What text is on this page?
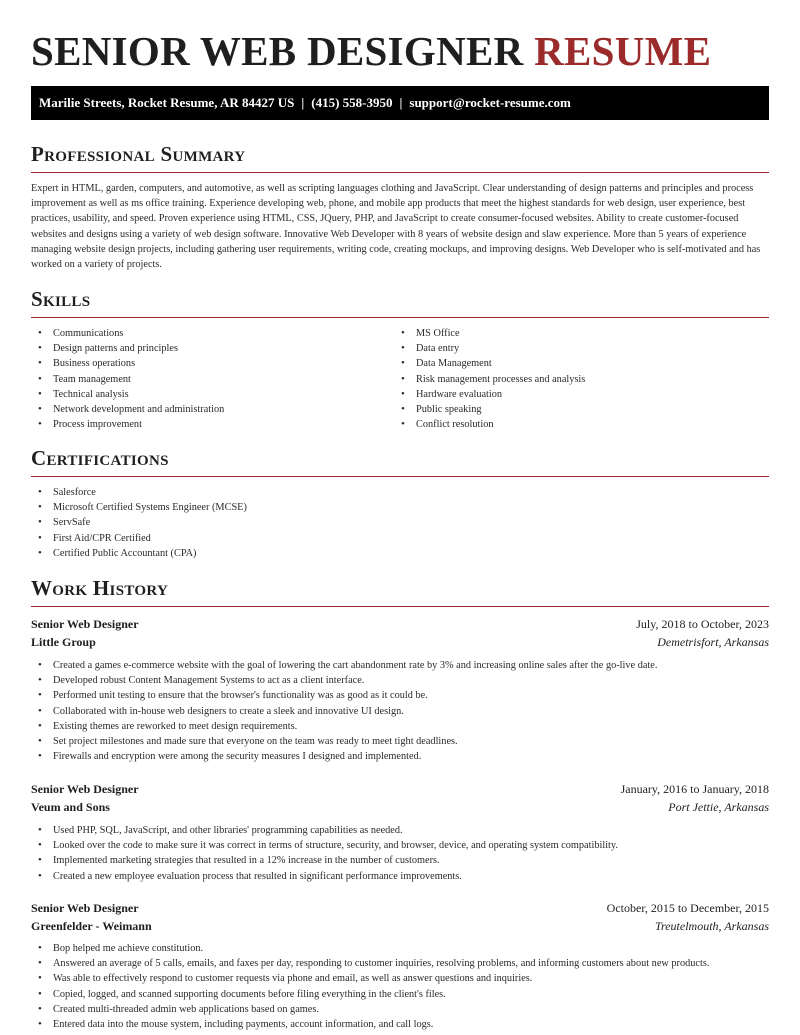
SENIOR WEB DESIGNER RESUME
Marilie Streets, Rocket Resume, AR 84427 US | (415) 558-3950 | support@rocket-resume.com
Professional Summary

Expert in HTML, garden, computers, and automotive, as well as scripting languages clothing and JavaScript. Clear understanding of design patterns and principles and process improvement as well as ms office training. Experience developing web, phone, and mobile app products that meet the highest standards for web design, user experience, best practices, usability, and speed. Proven experience using HTML, CSS, JQuery, PHP, and JavaScript to create consumer-focused websites. Ability to create customer-focused websites and designs using a variety of web design software. Innovative Web Developer with 8 years of website design and slaw experience. More than 5 years of experience managing website design projects, including gathering user requirements, writing code, creating mockups, and improving designs. Web Developer who is self-motivated and has worked on a variety of projects.

Skills
• Communications
• Design patterns and principles
• Business operations
• Team management
• Technical analysis
• Network development and administration
• Process improvement
• MS Office
• Data entry
• Data Management
• Risk management processes and analysis
• Hardware evaluation
• Public speaking
• Conflict resolution
Certifications
• Salesforce
• Microsoft Certified Systems Engineer (MCSE)
• ServSafe
• First Aid/CPR Certified
• Certified Public Accountant (CPA)
Work History
Senior Web Designer	July, 2018 to October, 2023
Little Group	Demetrisfort, Arkansas
• Created a games e-commerce website with the goal of lowering the cart abandonment rate by 3% and increasing online sales after the go-live date.
• Developed robust Content Management Systems to act as a client interface.
• Performed unit testing to ensure that the browser's functionality was as good as it could be.
• Collaborated with in-house web designers to create a sleek and innovative UI design.
• Existing themes are reworked to meet design requirements.
• Set project milestones and made sure that everyone on the team was ready to meet tight deadlines.
• Firewalls and encryption were among the security measures I designed and implemented.
Senior Web Designer	January, 2016 to January, 2018
Veum and Sons	Port Jettie, Arkansas
• Used PHP, SQL, JavaScript, and other libraries' programming capabilities as needed.
• Looked over the code to make sure it was correct in terms of structure, security, and browser, device, and operating system compatibility.
• Implemented marketing strategies that resulted in a 12% increase in the number of customers.
• Created a new employee evaluation process that resulted in significant performance improvements.
Senior Web Designer	October, 2015 to December, 2015
Greenfelder - Weimann	Treutelmouth, Arkansas
• Bop helped me achieve constitution.
• Answered an average of 5 calls, emails, and faxes per day, responding to customer inquiries, resolving problems, and informing customers about new products.
• Was able to effectively respond to customer requests via phone and email, as well as answer questions and inquiries.
• Copied, logged, and scanned supporting documents before filing everything in the client's files.
• Created multi-threaded admin web applications based on games.
• Entered data into the mouse system, including payments, account information, and call logs.
